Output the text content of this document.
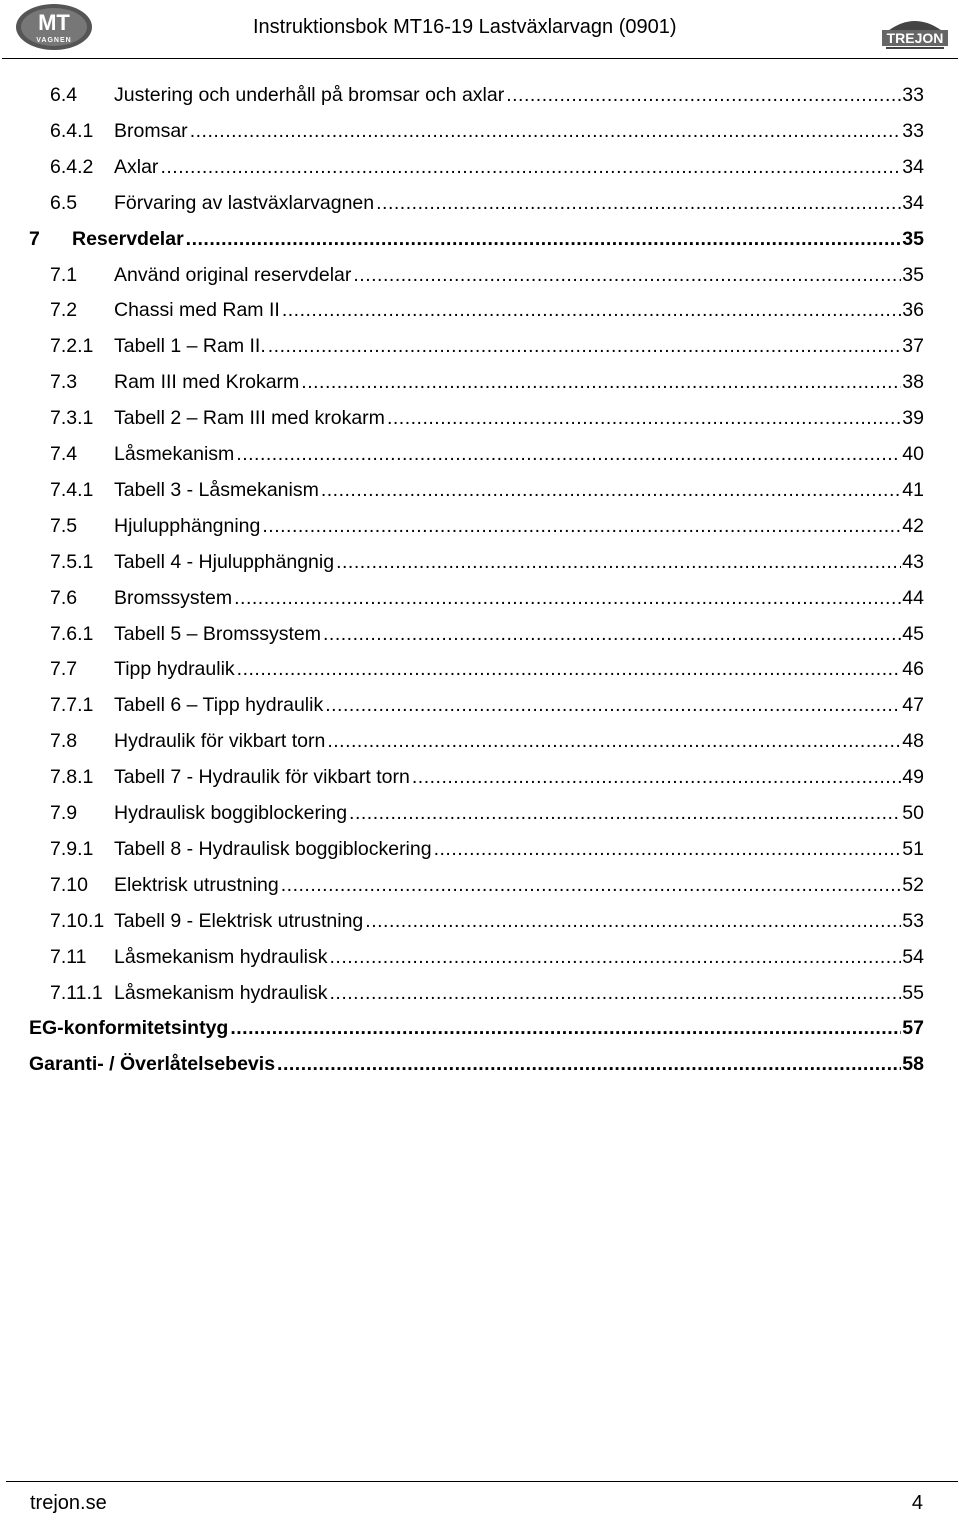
MT
VAGNEN
Instruktionsbok MT16-19 Lastväxlarvagn (0901)	TREJON
6.4 Justering och underhåll på bromsar och axlar .....	33
6.4.1 Bromsar .....	33
6.4.2 Axlar .....	34
6.5 Förvaring av lastväxlarvagnen .....	34
7 Reservdelar .....	35
7.1 Använd original reservdelar .....	35
7.2 Chassi med Ram II .....	36
7.2.1 Tabell 1 – Ram II. .....	37
7.3 Ram III med Krokarm .....	38
7.3.1 Tabell 2 – Ram III med krokarm .....	39
7.4 Låsmekanism .....	40
7.4.1 Tabell 3 - Låsmekanism .....	41
7.5 Hjulupphängning .....	42
7.5.1 Tabell 4 - Hjulupphängnig .....	43
7.6 Bromssystem .....	44
7.6.1 Tabell 5 – Bromssystem .....	45
7.7 Tipp hydraulik .....	46
7.7.1 Tabell 6 – Tipp hydraulik .....	47
7.8 Hydraulik för vikbart torn .....	48
7.8.1 Tabell 7 - Hydraulik för vikbart torn .....	49
7.9 Hydraulisk boggiblockering .....	50
7.9.1 Tabell 8 - Hydraulisk boggiblockering .....	51
7.10 Elektrisk utrustning .....	52
7.10.1 Tabell 9 - Elektrisk utrustning .....	53
7.11 Låsmekanism hydraulisk .....	54
7.11.1 Låsmekanism hydraulisk .....	55
EG-konformitetsintyg .....	57
Garanti- / Överlåtelsebevis .....	58
trejon.se	4
